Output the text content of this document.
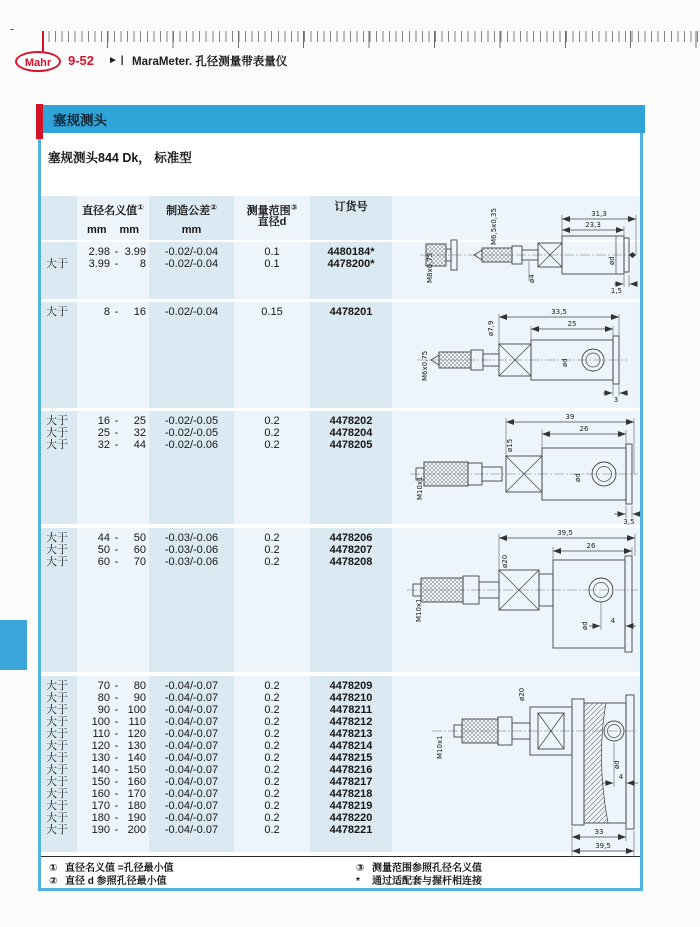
-
Mahr	9-52 ► | MaraMeter. 孔径测量带表量仪
塞规测头
塞规测头844 Dk， 标准型
直径名义值①
mm mm
制造公差②
mm
测量范围③
直径d
订货号
2.98 - 3.99	-0.02/-0.04	0.1	4480184*
大于	3.99 -	8	-0.02/-0.04	0.1	4478200*
大于	8 -	16	-0.02/-0.04	0.15	4478201
大于	16 -	25	-0.02/-0.05	0.2	4478202
大于	25 -	32	-0.02/-0.05	0.2	4478204
大于	32 -	44	-0.02/-0.06	0.2	4478205
大于	44 -	50	-0.03/-0.06	0.2	4478206
大于	50 -	60	-0.03/-0.06	0.2	4478207
大于	60 -	70	-0.03/-0.06	0.2	4478208
大于	70 -	80	-0.04/-0.07	0.2	4478209
大于	80 -	90	-0.04/-0.07	0.2	4478210
大于	90 - 100	-0.04/-0.07	0.2	4478211
大于	100 - 110	-0.04/-0.07	0.2	4478212
大于	110 - 120	-0.04/-0.07	0.2	4478213
大于	120 - 130	-0.04/-0.07	0.2	4478214
大于	130 - 140	-0.04/-0.07	0.2	4478215
大于	140 - 150	-0.04/-0.07	0.2	4478216
大于	150 - 160	-0.04/-0.07	0.2	4478217
大于	160 - 170	-0.04/-0.07	0.2	4478218
大于	170 - 180	-0.04/-0.07	0.2	4478219
大于	180 - 190	-0.04/-0.07	0.2	4478220
大于	190 - 200	-0.04/-0.07	0.2	4478221
① 直径名义值 =孔径最小值
② 直径 d 参照孔径最小值
③ 测量范围参照孔径名义值
*	通过适配套与握杆相连接
31,3
23,3
M8x0,75
M6,5x0,35
ø4
ød
1,5
33,5
25
M6x0,75
ø7,9
ød
3
39
26
ø15
M10x1	ød
3,5
39,5
26
ø20
M10x1
ød
4
ø20
M10x1
ød
4
33
39,5
